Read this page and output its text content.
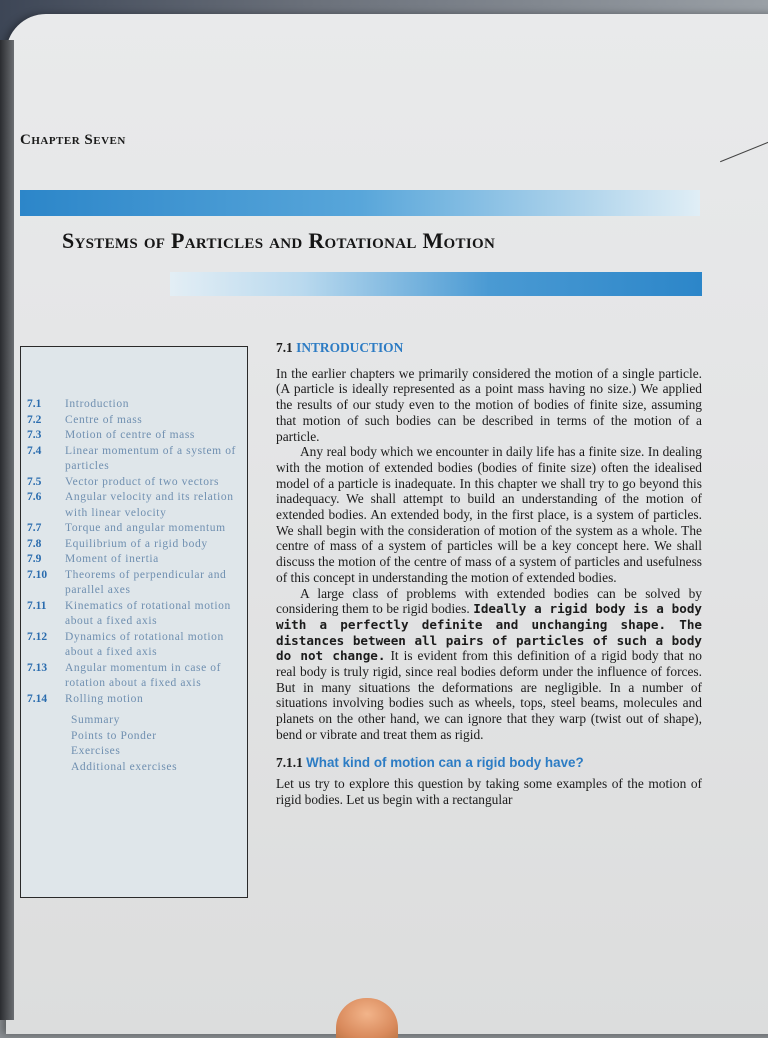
Chapter Seven
Systems of Particles and Rotational Motion
7.1	Introduction
7.2	Centre of mass
7.3	Motion of centre of mass
7.4	Linear momentum of a system of particles
7.5	Vector product of two vectors
7.6	Angular velocity and its relation with linear velocity
7.7	Torque and angular momentum
7.8	Equilibrium of a rigid body
7.9	Moment of inertia
7.10	Theorems of perpendicular and parallel axes
7.11	Kinematics of rotational motion about a fixed axis
7.12	Dynamics of rotational motion about a fixed axis
7.13	Angular momentum in case of rotation about a fixed axis
7.14	Rolling motion
Summary
Points to Ponder
Exercises
Additional exercises
7.1 INTRODUCTION

In the earlier chapters we primarily considered the motion of a single particle. (A particle is ideally represented as a point mass having no size.) We applied the results of our study even to the motion of bodies of finite size, assuming that motion of such bodies can be described in terms of the motion of a particle.

Any real body which we encounter in daily life has a finite size. In dealing with the motion of extended bodies (bodies of finite size) often the idealised model of a particle is inadequate. In this chapter we shall try to go beyond this inadequacy. We shall attempt to build an understanding of the motion of extended bodies. An extended body, in the first place, is a system of particles. We shall begin with the consideration of motion of the system as a whole. The centre of mass of a system of particles will be a key concept here. We shall discuss the motion of the centre of mass of a system of particles and usefulness of this concept in understanding the motion of extended bodies.

A large class of problems with extended bodies can be solved by considering them to be rigid bodies. Ideally a rigid body is a body with a perfectly definite and unchanging shape. The distances between all pairs of particles of such a body do not change. It is evident from this definition of a rigid body that no real body is truly rigid, since real bodies deform under the influence of forces. But in many situations the deformations are negligible. In a number of situations involving bodies such as wheels, tops, steel beams, molecules and planets on the other hand, we can ignore that they warp (twist out of shape), bend or vibrate and treat them as rigid.

7.1.1 What kind of motion can a rigid body have?

Let us try to explore this question by taking some examples of the motion of rigid bodies. Let us begin with a rectangular
